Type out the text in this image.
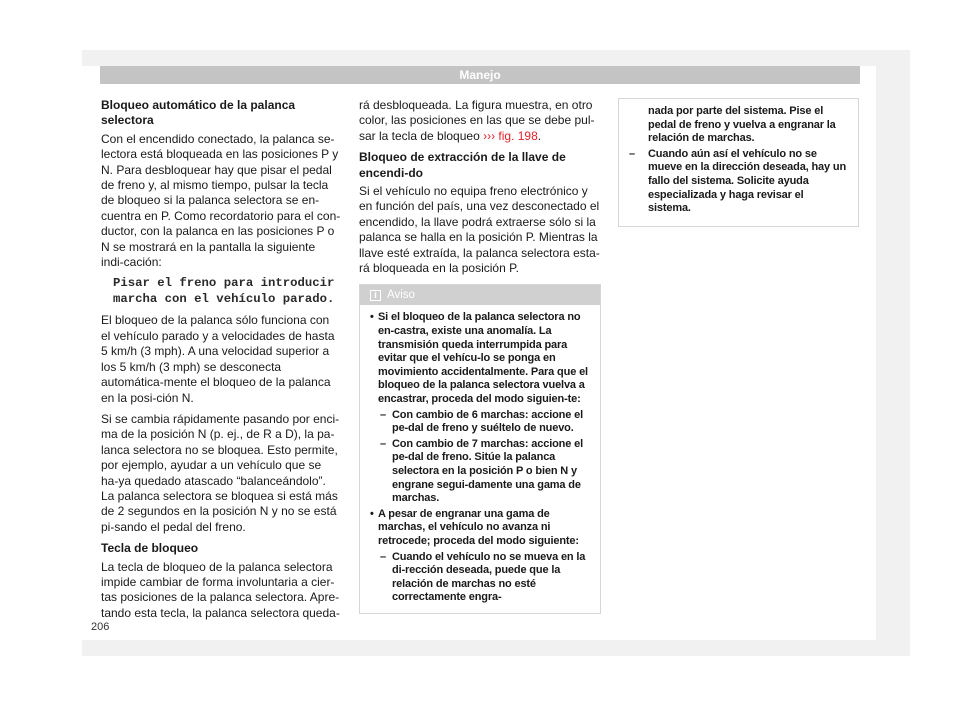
Manejo
Bloqueo automático de la palanca selectora

Con el encendido conectado, la palanca se-lectora está bloqueada en las posiciones P y N. Para desbloquear hay que pisar el pedal de freno y, al mismo tiempo, pulsar la tecla de bloqueo si la palanca selectora se en-cuentra en P. Como recordatorio para el con-ductor, con la palanca en las posiciones P o N se mostrará en la pantalla la siguiente indi-cación:

Pisar el freno para introducir marcha con el vehículo parado.

El bloqueo de la palanca sólo funciona con el vehículo parado y a velocidades de hasta 5 km/h (3 mph). A una velocidad superior a los 5 km/h (3 mph) se desconecta automática-mente el bloqueo de la palanca en la posi-ción N.

Si se cambia rápidamente pasando por enci-ma de la posición N (p. ej., de R a D), la pa-lanca selectora no se bloquea. Esto permite, por ejemplo, ayudar a un vehículo que se ha-ya quedado atascado “balanceándolo”. La palanca selectora se bloquea si está más de 2 segundos en la posición N y no se está pi-sando el pedal del freno.

Tecla de bloqueo

La tecla de bloqueo de la palanca selectora impide cambiar de forma involuntaria a cier-tas posiciones de la palanca selectora. Apre-tando esta tecla, la palanca selectora queda-

rá desbloqueada. La figura muestra, en otro color, las posiciones en las que se debe pul-sar la tecla de bloqueo ››› fig. 198.

Bloqueo de extracción de la llave de encendi-do

Si el vehículo no equipa freno electrónico y en función del país, una vez desconectado el encendido, la llave podrá extraerse sólo si la palanca se halla en la posición P. Mientras la llave esté extraída, la palanca selectora esta-rá bloqueada en la posición P.

i Aviso
• Si el bloqueo de la palanca selectora no en-castra, existe una anomalía. La transmisión queda interrumpida para evitar que el vehícu-lo se ponga en movimiento accidentalmente. Para que el bloqueo de la palanca selectora vuelva a encastrar, proceda del modo siguien-te:
– Con cambio de 6 marchas: accione el pe-dal de freno y suéltelo de nuevo.
– Con cambio de 7 marchas: accione el pe-dal de freno. Sitúe la palanca selectora en la posición P o bien N y engrane segui-damente una gama de marchas.
• A pesar de engranar una gama de marchas, el vehículo no avanza ni retrocede; proceda del modo siguiente:
– Cuando el vehículo no se mueva en la di-rección deseada, puede que la relación de marchas no esté correctamente engra-
nada por parte del sistema. Pise el pedal de freno y vuelva a engranar la relación de marchas.
–	Cuando aún así el vehículo no se mueve en la dirección deseada, hay un fallo del sistema. Solicite ayuda especializada y haga revisar el sistema.
206
